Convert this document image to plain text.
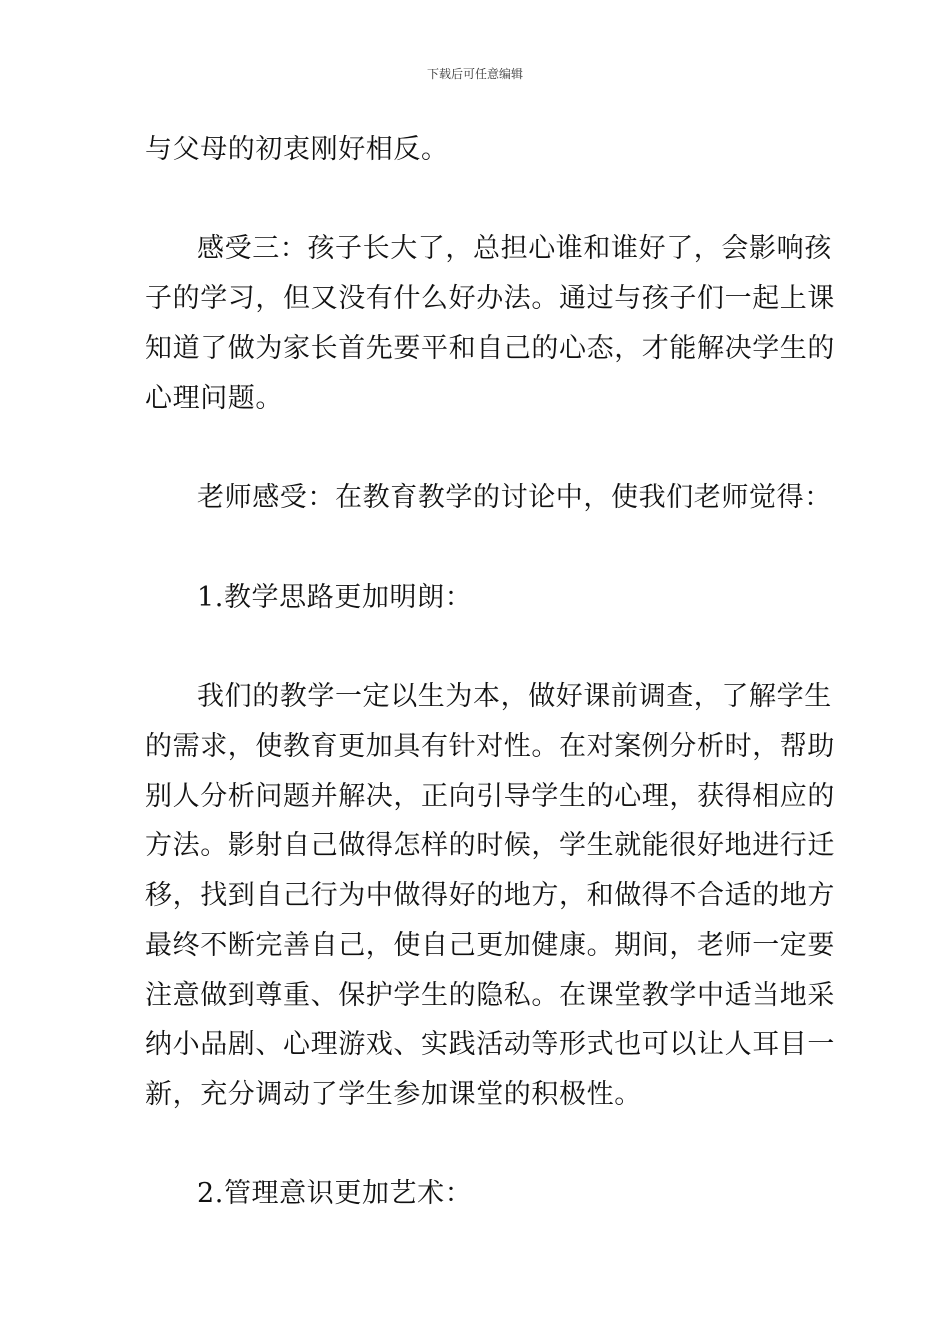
下载后可任意编辑
与父母的初衷刚好相反。
感受三：孩子长大了，总担心谁和谁好了，会影响孩
子的学习，但又没有什么好办法。通过与孩子们一起上课
知道了做为家长首先要平和自己的心态，才能解决学生的
心理问题。
老师感受：在教育教学的讨论中，使我们老师觉得：
1.教学思路更加明朗：
我们的教学一定以生为本，做好课前调查，了解学生
的需求，使教育更加具有针对性。在对案例分析时，帮助
别人分析问题并解决，正向引导学生的心理，获得相应的
方法。影射自己做得怎样的时候，学生就能很好地进行迁
移，找到自己行为中做得好的地方，和做得不合适的地方
最终不断完善自己，使自己更加健康。期间，老师一定要
注意做到尊重、保护学生的隐私。在课堂教学中适当地采
纳小品剧、心理游戏、实践活动等形式也可以让人耳目一
新，充分调动了学生参加课堂的积极性。
2.管理意识更加艺术：
